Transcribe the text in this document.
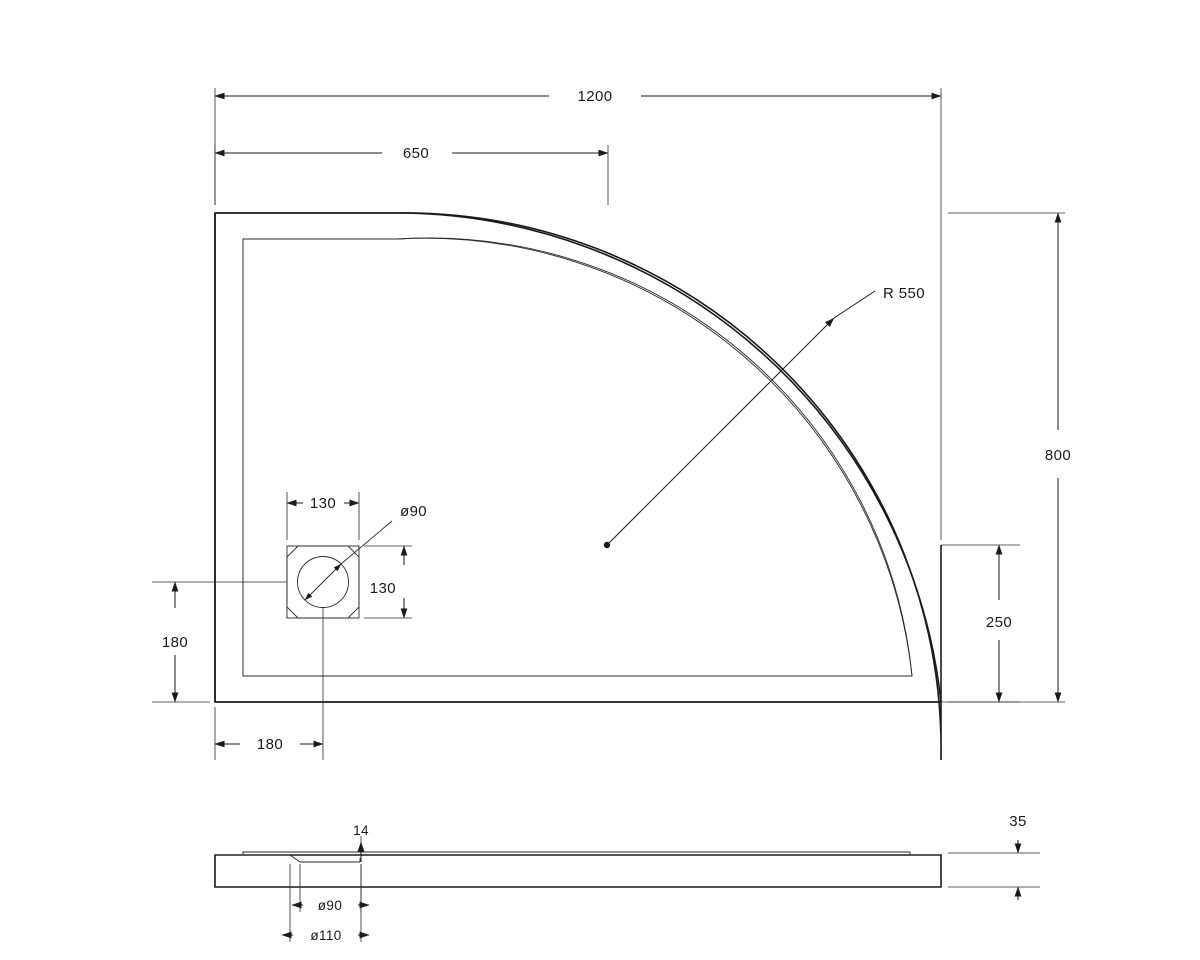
1200
650
800
250
R 550
ø90
130
130
180
180
35
14
ø90
ø110
